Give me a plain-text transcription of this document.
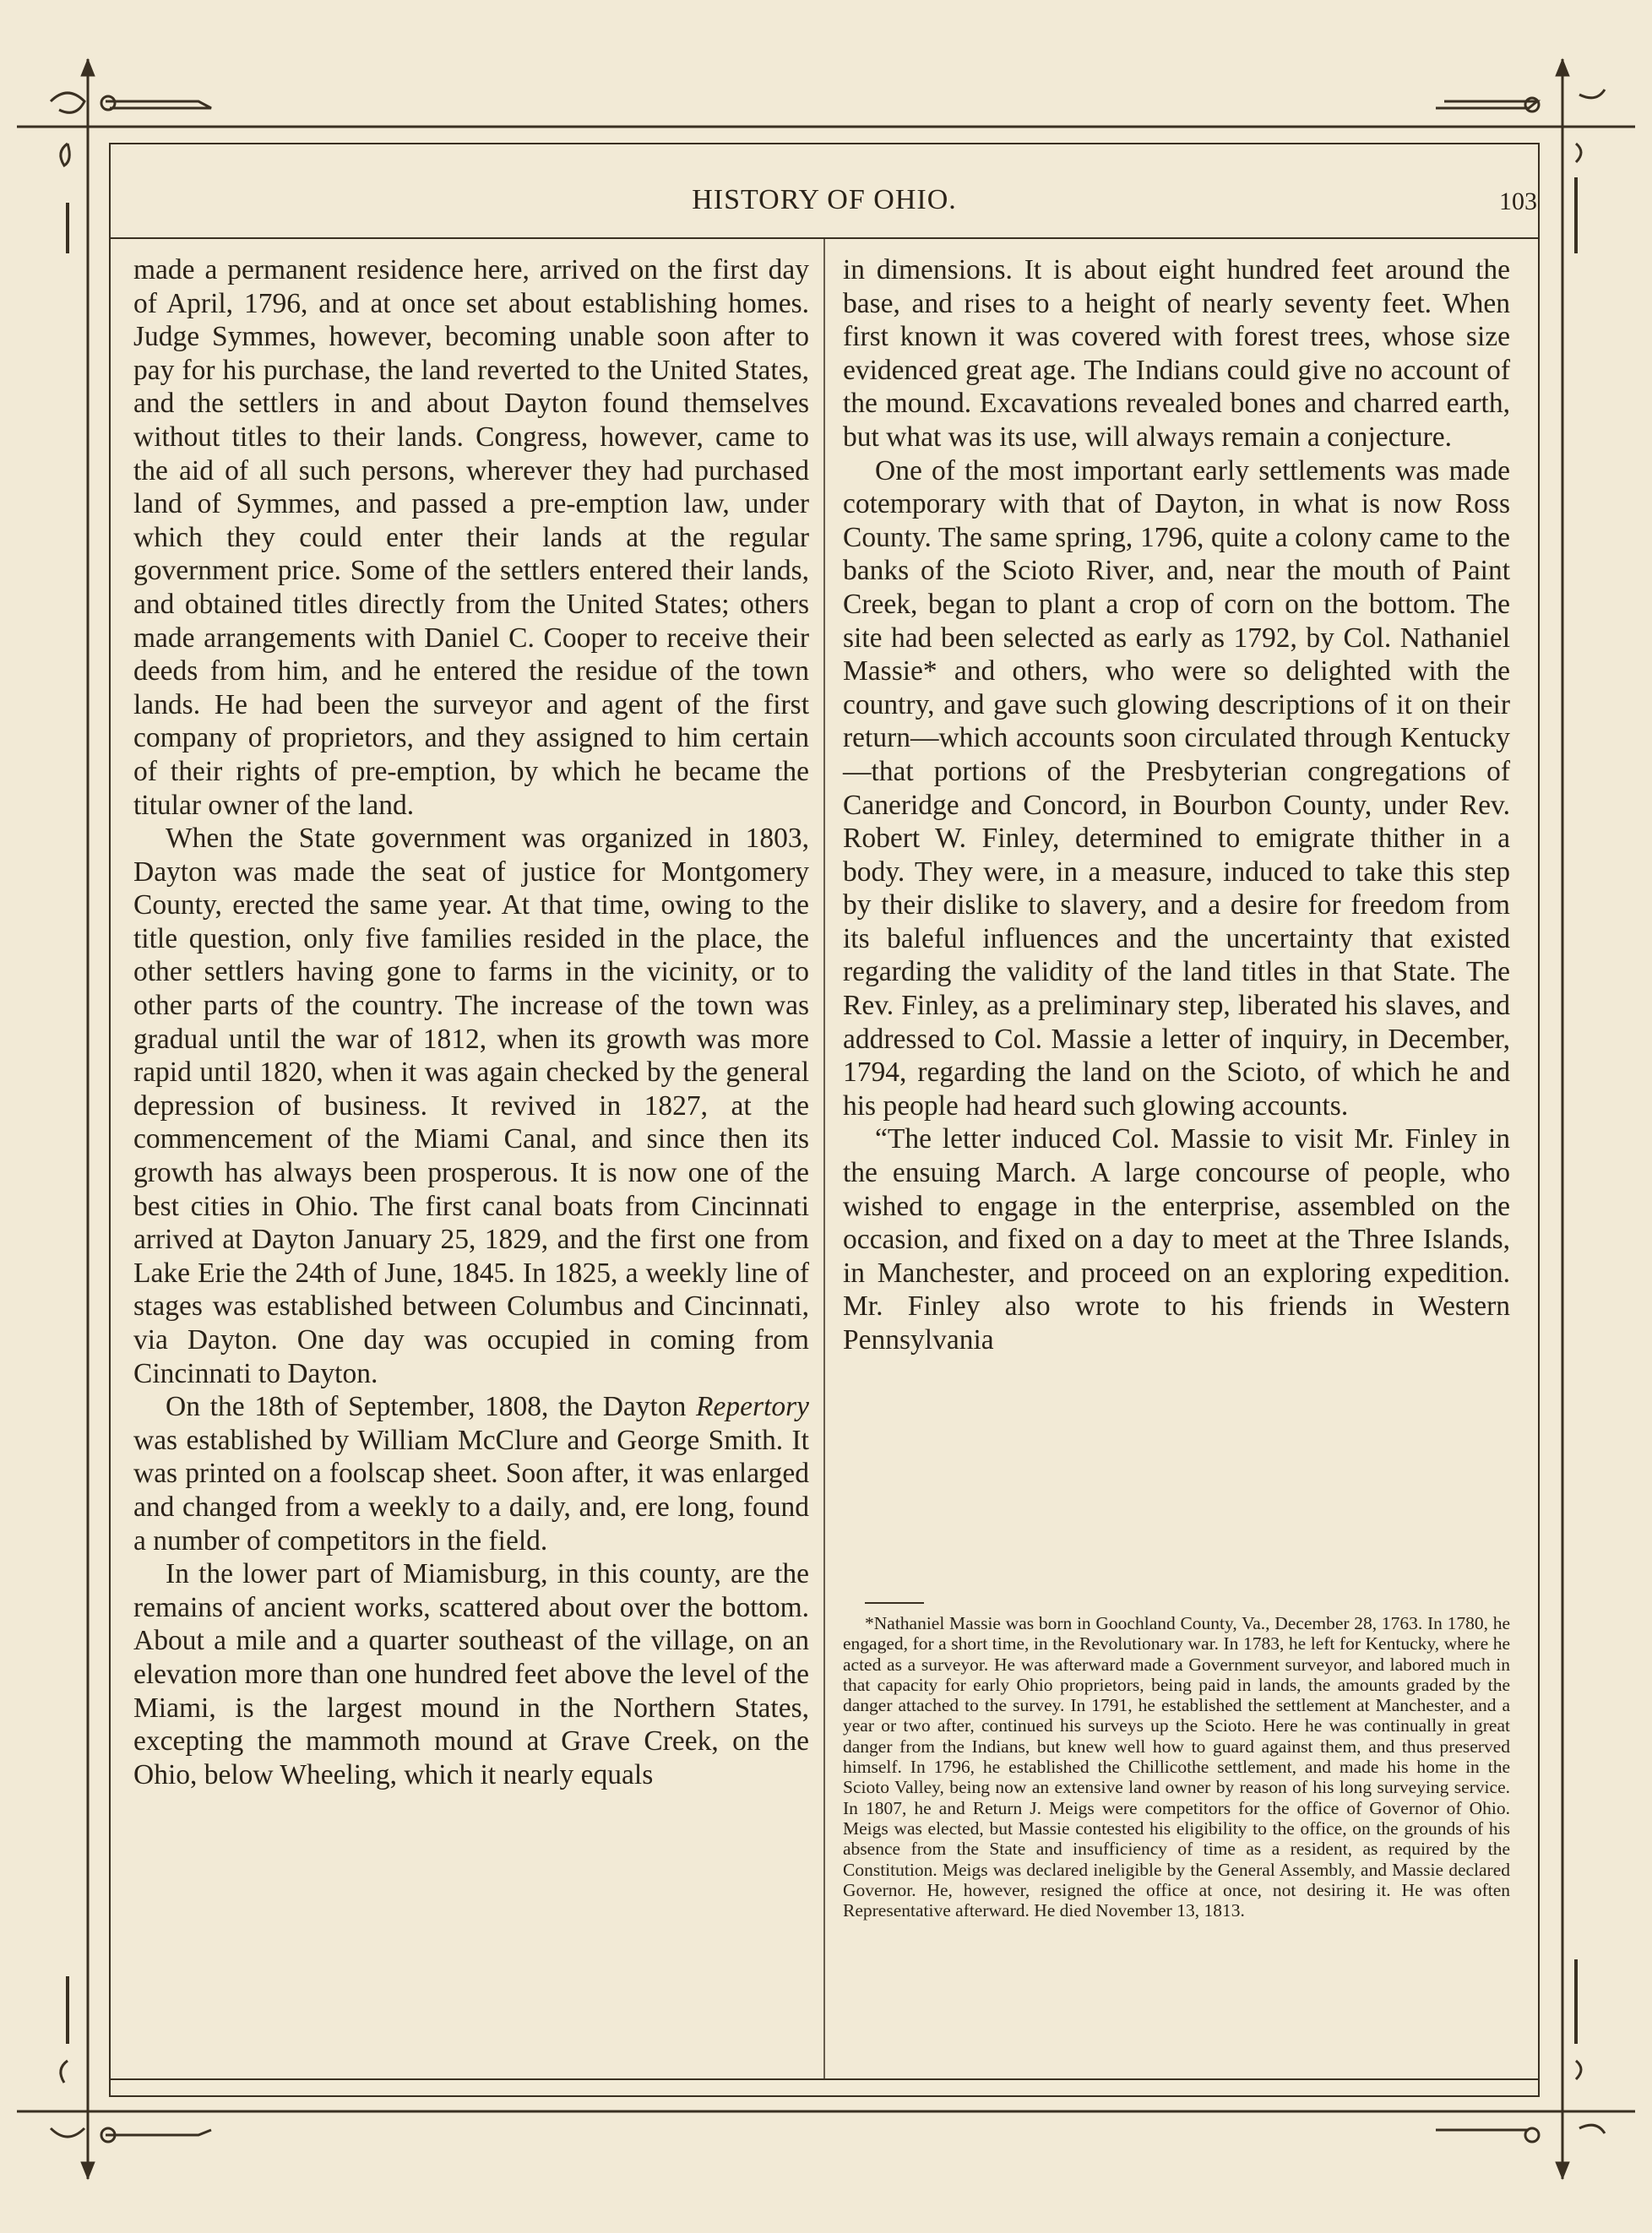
HISTORY OF OHIO.	103

made a permanent residence here, arrived on the first day of April, 1796, and at once set about establishing homes. Judge Symmes, however, becoming unable soon after to pay for his purchase, the land reverted to the United States, and the settlers in and about Dayton found themselves without titles to their lands. Congress, however, came to the aid of all such persons, wherever they had purchased land of Symmes, and passed a pre-emption law, under which they could enter their lands at the regular government price. Some of the settlers entered their lands, and obtained titles directly from the United States; others made arrangements with Daniel C. Cooper to receive their deeds from him, and he entered the residue of the town lands. He had been the surveyor and agent of the first company of proprietors, and they assigned to him certain of their rights of pre-emption, by which he became the titular owner of the land.

When the State government was organized in 1803, Dayton was made the seat of justice for Montgomery County, erected the same year. At that time, owing to the title question, only five families resided in the place, the other settlers having gone to farms in the vicinity, or to other parts of the country. The increase of the town was gradual until the war of 1812, when its growth was more rapid until 1820, when it was again checked by the general depression of business. It revived in 1827, at the commencement of the Miami Canal, and since then its growth has always been prosperous. It is now one of the best cities in Ohio. The first canal boats from Cincinnati arrived at Dayton January 25, 1829, and the first one from Lake Erie the 24th of June, 1845. In 1825, a weekly line of stages was established between Columbus and Cincinnati, via Dayton. One day was occupied in coming from Cincinnati to Dayton.

On the 18th of September, 1808, the Dayton Repertory was established by William McClure and George Smith. It was printed on a foolscap sheet. Soon after, it was enlarged and changed from a weekly to a daily, and, ere long, found a number of competitors in the field.

In the lower part of Miamisburg, in this county, are the remains of ancient works, scattered about over the bottom. About a mile and a quarter southeast of the village, on an elevation more than one hundred feet above the level of the Miami, is the largest mound in the Northern States, excepting the mammoth mound at Grave Creek, on the Ohio, below Wheeling, which it nearly equals

in dimensions. It is about eight hundred feet around the base, and rises to a height of nearly seventy feet. When first known it was covered with forest trees, whose size evidenced great age. The Indians could give no account of the mound. Excavations revealed bones and charred earth, but what was its use, will always remain a conjecture.

One of the most important early settlements was made cotemporary with that of Dayton, in what is now Ross County. The same spring, 1796, quite a colony came to the banks of the Scioto River, and, near the mouth of Paint Creek, began to plant a crop of corn on the bottom. The site had been selected as early as 1792, by Col. Nathaniel Massie* and others, who were so delighted with the country, and gave such glowing descriptions of it on their return—which accounts soon circulated through Kentucky—that portions of the Presbyterian congregations of Caneridge and Concord, in Bourbon County, under Rev. Robert W. Finley, determined to emigrate thither in a body. They were, in a measure, induced to take this step by their dislike to slavery, and a desire for freedom from its baleful influences and the uncertainty that existed regarding the validity of the land titles in that State. The Rev. Finley, as a preliminary step, liberated his slaves, and addressed to Col. Massie a letter of inquiry, in December, 1794, regarding the land on the Scioto, of which he and his people had heard such glowing accounts.

“The letter induced Col. Massie to visit Mr. Finley in the ensuing March. A large concourse of people, who wished to engage in the enterprise, assembled on the occasion, and fixed on a day to meet at the Three Islands, in Manchester, and proceed on an exploring expedition. Mr. Finley also wrote to his friends in Western Pennsylvania

*Nathaniel Massie was born in Goochland County, Va., December 28, 1763. In 1780, he engaged, for a short time, in the Revolutionary war. In 1783, he left for Kentucky, where he acted as a surveyor. He was afterward made a Government surveyor, and labored much in that capacity for early Ohio proprietors, being paid in lands, the amounts graded by the danger attached to the survey. In 1791, he established the settlement at Manchester, and a year or two after, continued his surveys up the Scioto. Here he was continually in great danger from the Indians, but knew well how to guard against them, and thus preserved himself. In 1796, he established the Chillicothe settlement, and made his home in the Scioto Valley, being now an extensive land owner by reason of his long surveying service. In 1807, he and Return J. Meigs were competitors for the office of Governor of Ohio. Meigs was elected, but Massie contested his eligibility to the office, on the grounds of his absence from the State and insufficiency of time as a resident, as required by the Constitution. Meigs was declared ineligible by the General Assembly, and Massie declared Governor. He, however, resigned the office at once, not desiring it. He was often Representative afterward. He died November 13, 1813.
